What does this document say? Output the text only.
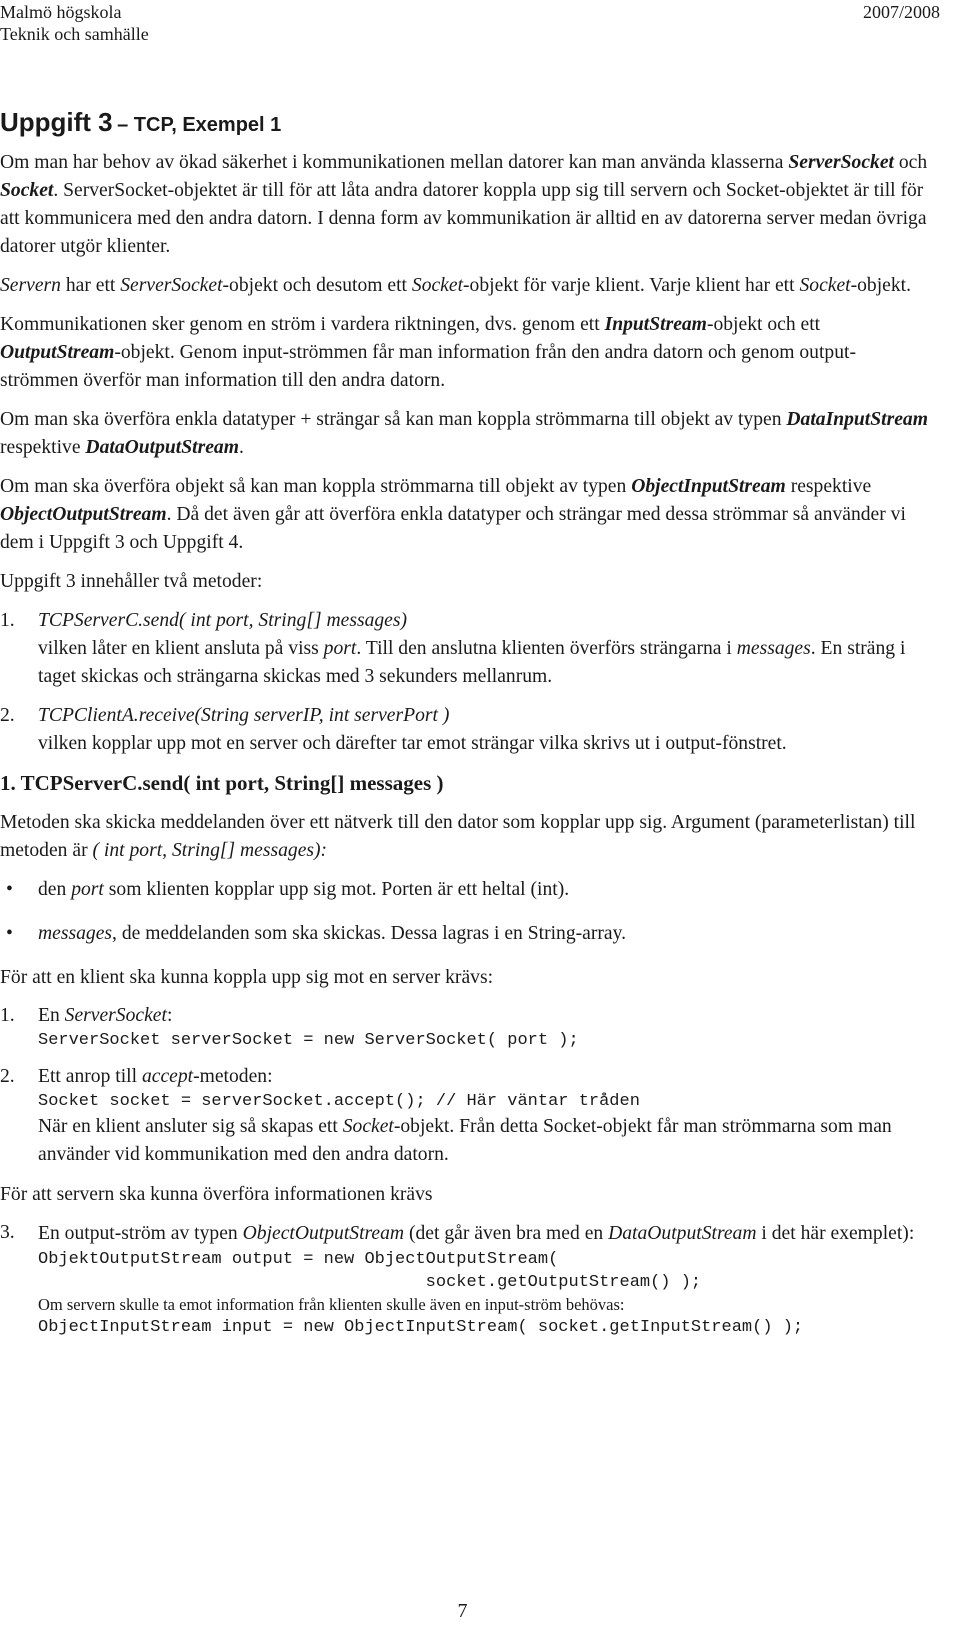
Malmö högskola
Teknik och samhälle
2007/2008
Uppgift 3 – TCP, Exempel 1

Om man har behov av ökad säkerhet i kommunikationen mellan datorer kan man använda klasserna ServerSocket och Socket. ServerSocket-objektet är till för att låta andra datorer koppla upp sig till servern och Socket-objektet är till för att kommunicera med den andra datorn. I denna form av kommunikation är alltid en av datorerna server medan övriga datorer utgör klienter.

Servern har ett ServerSocket-objekt och desutom ett Socket-objekt för varje klient. Varje klient har ett Socket-objekt.

Kommunikationen sker genom en ström i vardera riktningen, dvs. genom ett InputStream-objekt och ett OutputStream-objekt. Genom input-strömmen får man information från den andra datorn och genom output-strömmen överför man information till den andra datorn.

Om man ska överföra enkla datatyper + strängar så kan man koppla strömmarna till objekt av typen DataInputStream respektive DataOutputStream.

Om man ska överföra objekt så kan man koppla strömmarna till objekt av typen ObjectInputStream respektive ObjectOutputStream. Då det även går att överföra enkla datatyper och strängar med dessa strömmar så använder vi dem i Uppgift 3 och Uppgift 4.

Uppgift 3 innehåller två metoder:

1. TCPServerC.send( int port, String[] messages)
vilken låter en klient ansluta på viss port. Till den anslutna klienten överförs strängarna i messages. En sträng i taget skickas och strängarna skickas med 3 sekunders mellanrum.
2. TCPClientA.receive(String serverIP, int serverPort )
vilken kopplar upp mot en server och därefter tar emot strängar vilka skrivs ut i output-fönstret.
1. TCPServerC.send( int port, String[] messages )

Metoden ska skicka meddelanden över ett nätverk till den dator som kopplar upp sig. Argument (parameterlistan) till metoden är ( int port, String[] messages):

• den port som klienten kopplar upp sig mot. Porten är ett heltal (int).
• messages, de meddelanden som ska skickas. Dessa lagras i en String-array.

För att en klient ska kunna koppla upp sig mot en server krävs:

1. En ServerSocket:
ServerSocket serverSocket = new ServerSocket( port );
2. Ett anrop till accept-metoden:
Socket socket = serverSocket.accept(); // Här väntar tråden
När en klient ansluter sig så skapas ett Socket-objekt. Från detta Socket-objekt får man strömmarna som man använder vid kommunikation med den andra datorn.

För att servern ska kunna överföra informationen krävs

3. En output-ström av typen ObjectOutputStream (det går även bra med en DataOutputStream i det här exemplet):
ObjektOutputStream output = new ObjectOutputStream(
socket.getOutputStream() );
Om servern skulle ta emot information från klienten skulle även en input-ström behövas:
ObjectInputStream input = new ObjectInputStream( socket.getInputStream() );
7
